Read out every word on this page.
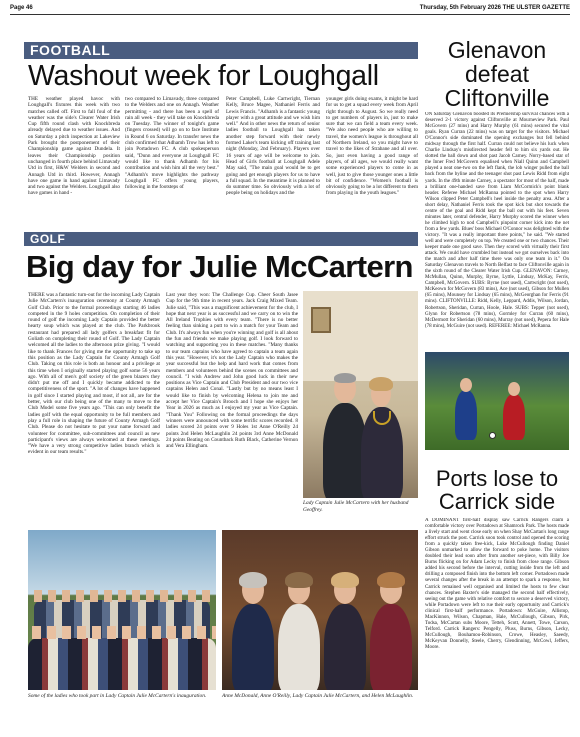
Page 46	Thursday, 5th February 2026 THE ULSTER GAZETTE
FOOTBALL
Washout week for Loughgall

THE weather played havoc with Loughgall's fixtures this week with two matches called off. First to fall foul of the weather was the side's Clearer Water Irish Cup fifth round clash with Knockbreda already delayed due to weather issues. And on Saturday a pitch inspection at Lakeview Park brought the postponement of their Championship game against Dundela. It leaves their Championship position unchanged in fourth place behind Limavady Utd in first, H&W Welders in second and Annagh Utd in third. However, Annagh have one game in hand against Limavady and two against the Welders. Loughgall also have games in hand -

two compared to Limavady, three compared to the Welders and one on Annagh. Weather permitting - and there has been a spell of rain all week - they will take on Knockbreda on Tuesday. The winner of tonight's game (fingers crossed) will go on to face Institute in Round 6 on Saturday. In transfer news the club confirmed that Adhamh Trow has left to join Portadown FC. A club spokesperson said, "Dunn and everyone at Loughgall FC would like to thank Adhamh for his contribution and wish him all the very best." "Adhamh's move highlights the pathway Loughgall FC offers young players, following in the footsteps of

Peter Campbell, Luke Cartwright, Tiernan Kelly, Bruce Magee, Nathaniel Ferris and Lewis Francis. "Adhamh is a fantastic young player with a great attitude and we wish him well." And in other news the return of senior ladies football to Loughgall has taken another step forward with their newly formed Laker's team kicking off training last night (Monday, 2nd February). Players over 16 years of age will be welcome to join. Head of Girls football at Loughgall Adele May said, "The main goal would be to get going and get enough players for us to have a full squad. In the meantime it is planned to do summer time. So obviously with a lot of people being on holidays and the

younger girls doing exams, it might be hard for us to get a squad every week from April right through to August. So we really need to get numbers of players in, just to make sure that we can field a team every week. "We also need people who are willing to travel, the women's league is throughout all of Northern Ireland, so you might have to travel to the likes of Strabane and all over. So, just even having a good range of players, of all ages, we would really want some experienced players to come in as well, just to give those younger ones a little bit of confidence. "Women's football is obviously going to be a lot different to them from playing in the youth leagues."

GOLF
Big day for Julie McCartern

THERE was a fantastic turn-out for the incoming Lady Captain Julie McCartern's inauguration ceremony at County Armagh Golf Club. Prior to the formal proceedings starting 46 ladies competed in the 9 holes competition. On completion of their round of golf the incoming Lady Captain provided the better hearty soup which was played at the club. The Parkbrook restaurant had prepared all lady golfers a breakfast fit for Goliath on completing their round of Golf. The Lady Captain welcomed all the ladies to the afternoon prize giving. "I would like to thank Frances for giving me the opportunity to take up this position as the Lady Captain for County Armagh Golf Club. Taking on this role is both an honour and a privilege at this time when I originally started playing golf some 56 years ago. With all of men's golf society of the green blazers they didn't put me off and I quickly became addicted to the competitiveness of the sport. "A lot of changes have happened in golf since I started playing and most, if not all, are for the better, with our club being one of the many to move to the Club Model some five years ago. "This can only benefit the ladies golf with the equal opportunity to be full members and play a full role in shaping the future of County Armagh Golf Club. Please do not hesitate to put your name forward and volunteer for committee, sub-committees and council as new participant's views are always welcomed at these meetings. "We have a very strong competitive ladies branch which is evident in our team results."

Last year they won: The Challenge Cup. Cheer South Jasee Cup for the 9th time in recent years. Jack Craig Mixed Team. Julie said, "This was a magnificent achievement for the club, I hope that next year is as successful and we carry on to win the All Ireland Trophies with every team. "There is no better feeling than sinking a putt to win a match for your Team and Club. It's always fun when you're winning and golf is all about the fun and friends we make playing golf. I look forward to watching and supporting you in these matches. "Many thanks to our team captains who have agreed to captain a team again this year. "However, it's not the Lady Captain who makes the year successful but the help and hard work that comes from members and volunteers behind the scenes on committees and council. "I wish Andrew and John good luck in their new positions as Vice Captain and Club President and our two vice captains Helen and Conal. "Lastly but by no means least I would like to finish by welcoming Helena to join me and accept her Vice Captain's Brooch and I hope she enjoys her Year in 2026 as much as I enjoyed my year as Vice Captain. "Thank You" Following on the formal proceedings the days winners were announced with some terrific scores recorded. 8 ladies scored 24 points over 9 Holes 1st Anne O'Reilly 24 points 2nd Helen McLaughlin 24 points 3rd Anne McDonald 24 points Beating on Countback Ruth Black, Catherine Vernon and Vera Ellingham.

Lady Captain Julie McCartern with her husband Geoffrey.
Some of the ladies who took part in Lady Captain Julie McCartern's inauguration.	Anne McDonald, Anne O'Reilly, Lady Captain Julie McCartern, and Helen McLaughlin.
Glenavon defeat Cliftonville

ON Saturday Glenavon boosted its Premiership survival chances with a deserved 2-1 victory against Cliftonville at Mourneview Park. Paul McGovern (27 mins) and Harry Murphy (61 mins) secured the vital goals. Ryan Curran (22 mins) was on target for the visitors. Michael O'Connor's side dominated the opening exchanges but fell behind midway through the first half. Curran could not believe his luck when Charlie Lindsay's misdirected header fell to him six yards out. He slotted the ball down and shot past Jacob Carney. Norry-based star of the Inner Fred McGovern equalised when Niall Quinn and Campbell played a neat one-two on the left flank, the lob winger pulled the ball back from the byline and the teenager shot past Lewis Ridd from eight yards. In the 49th minute Carney, a spectator for most of the half, made a brilliant one-handed save from Liam McCormick's point blank header. Referee Michael McRanna pointed to the spot when Harry Wilson clipped Peter Campbell's heel inside the penalty area. After a short delay, Nathaniel Ferris took the spot kick but shot towards the centre of the goal and Ridd kept the ball out with his feet. Seven minutes later, central defender, Harry Murphy scored the winner when he climbed high to nod Campbell's pinpoint corner kick into the net from a few yards. Blues' boss Michael O'Connor was delighted with the victory. "It was a really important three points," he said. "We started well and were completely on top. We created one or two chances. Their keeper made one good save. Then they scored with virtually their first attack. We could have crumbled but instead we got ourselves back into the match and after half time there was only one team in it." On Saturday Glenavon travels to North Belfast to face Cliftonville again in the sixth round of the Clearer Water Irish Cup. GLENAVON: Carney, McMullan, Quinn, Murphy, Byrne, Lyttle, Lindsay, McKay, Ferris, Campbell, McGovern. SUBS: Byrne (not used), Cartwright (not used), McKeown for McGovern (83 mins), Ace (not used), Gibson for Mullen (65 mins), Mounsey for Lindsay (65 mins), McGeorghan for Ferris (91 mins). CLIFTONVILLE: Ridd, Kelly, Leppard, Addis, Wilson, Jordan, Robertson, Sheridan, Curran, Hoole, Hale. SUBS: Tepper (not used), Glynn for Robertson (78 mins), Gormley for Curran (60 mins), McDermott for Sheridan (60 mins), Murray (not used), Pepera for Hale (78 mins), McGuire (not used). REFEREE: Michael McRanna.

Ports lose to Carrick side

A DOMINANT first-half display saw Carrick Rangers claim a comfortable victory over Portadown at Shamrock Park. The hosts made a lively start and went close early on when Shay McCartan's long range effort struck the post. Carrick soon took control and opened the scoring from a quickly taken free-kick, Luke McCullough finding Daniel Gibson unmarked to allow the forward to poke home. The visitors doubled their lead soon after from another set-piece, with Billy Joe Burns flicking on for Adam Lecky to finish from close range. Gibson added his second before the interval, cutting inside from the left and drilling a composed finish into the bottom left corner. Portadown made several changes after the break in an attempt to spark a response, but Carrick remained well organised and limited the hosts to few clear chances. Stephen Baxter's side managed the second half effectively, seeing out the game with relative comfort to secure a deserved victory, while Portadown were left to rue their early opportunity and Carrick's clinical first-half performance. Portadown: McGuire, Allistop, MacKinnon, Wilson, Chapman, Hale, McCullough, Gibson, Pirk, Todsa, McCartan subs Moore, Tetteh, Scott, Annett, Towe, Carson, Telford. Carrick Rangers: Pengelly, Pluss, Burns, Gibson, Lecky, McCullough, Bouhamou-Robinson, Crowe, Heasley, Saeedy, McKeyvan Donnelly, Steele, Cherry, Glendinning, McCowl, Jeffers, Moore.
